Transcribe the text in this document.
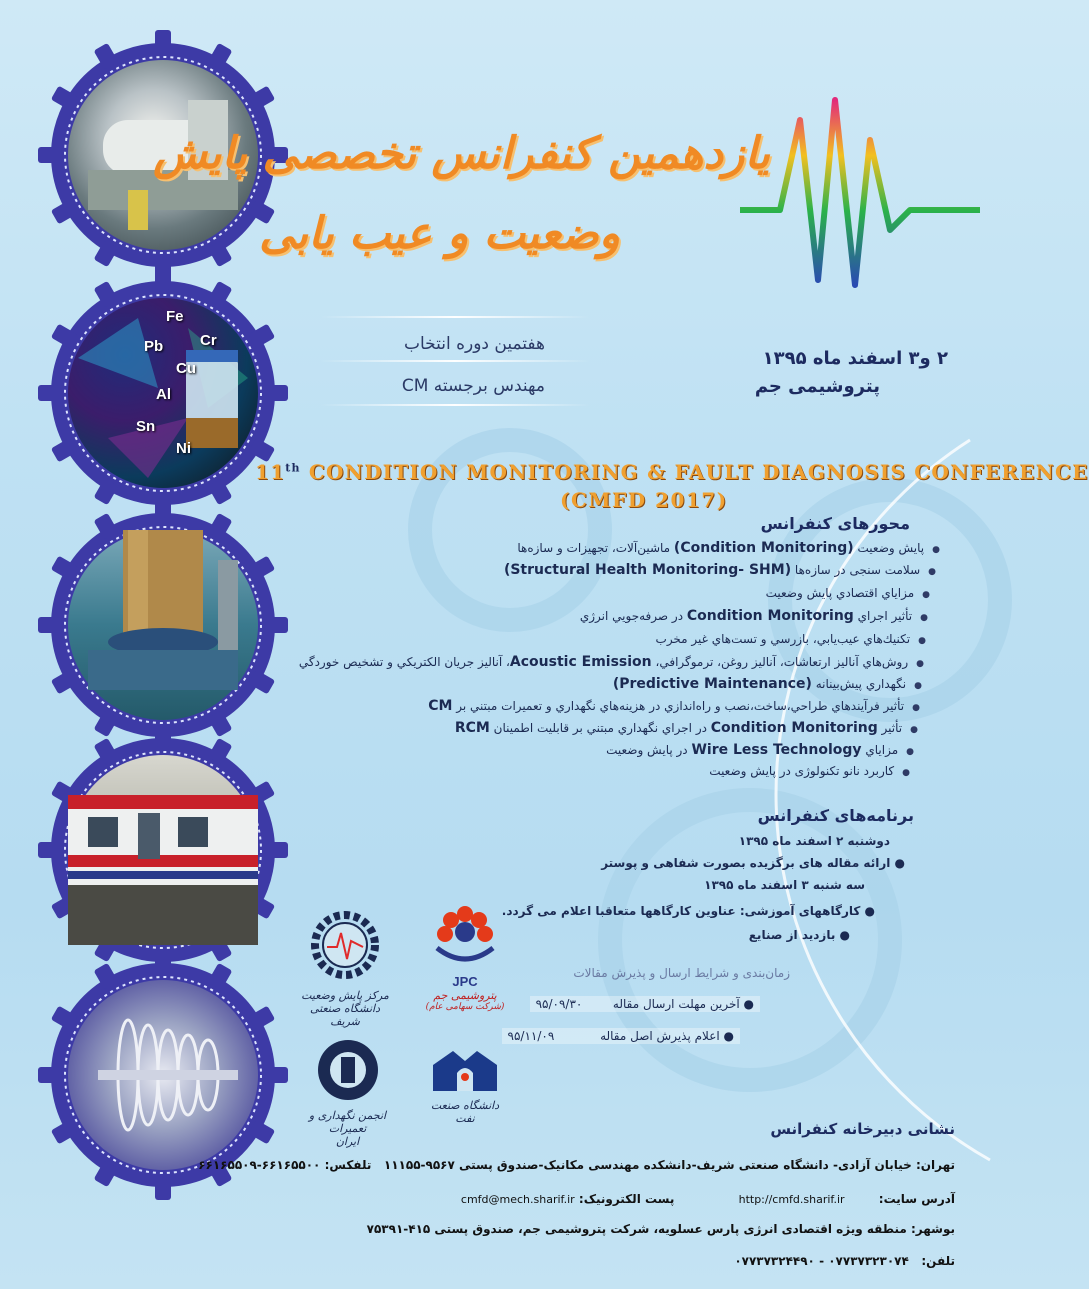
Fe
Cr
Pb
Cu
Al
Sn
Ni
یازدهمین کنفرانس تخصصی پایش
وضعیت و عیب یابی
هفتمین دوره انتخاب
مهندس برجسته CM
۲ و۳ اسفند ماه ۱۳۹۵
پتروشیمی جم
11th CONDITION MONITORING & FAULT DIAGNOSIS CONFERENCE
(CMFD 2017)
محورهای کنفرانس
● پایش وضعیت (Condition Monitoring) ماشین‌آلات، تجهیزات و سازه‌ها
● سلامت سنجی در سازه‌ها (Structural Health Monitoring- SHM)
● مزاياي اقتصادي پايش وضعيت
● تأثير اجراي Condition Monitoring در صرفه‌جويي انرژي
● تكنيك‌هاي عيب‌يابي، بازرسي و تست‌هاي غير مخرب
● روش‌هاي آناليز ارتعاشات، آناليز روغن، ترموگرافي، Acoustic Emission، آناليز جريان الكتريكي و تشخيص خوردگي
● نگهداري پيش‌بينانه (Predictive Maintenance)
● تأثير فرآيندهاي طراحي،ساخت،نصب و راه‌اندازي در هزينه‌هاي نگهداري و تعميرات مبتني بر CM
● تأثير Condition Monitoring در اجراي نگهداري مبتني بر قابليت اطمينان RCM
● مزاياي Wire Less Technology در پايش وضعيت
● کاربرد نانو تکنولوژی در پایش وضعیت
برنامه‌های کنفرانس
دوشنبه ۲ اسفند ماه ۱۳۹۵
● ارائه مقاله های برگزیده بصورت شفاهی و پوستر
سه شنبه ۳ اسفند ماه ۱۳۹۵
● کارگاههای آموزشی: عناوین کارگاهها متعاقبا اعلام می گردد.
● بازدید از صنایع
زمان‌بندی و شرایط ارسال و پذیرش مقالات
● آخرین مهلت ارسال مقاله        ۹۵/۰۹/۳۰
● اعلام پذیرش اصل مقاله            ۹۵/۱۱/۰۹
مرکز پایش وضعیت
دانشگاه صنعتی شریف
JPC
پتروشیمی جم
(شرکت سهامی عام)
انجمن نگهداری و تعمیرات
ایران
دانشگاه صنعت نفت
نشانی دبیرخانه کنفرانس
تهران: خیابان آزادی- دانشگاه صنعتی شریف-دانشکده مهندسی مکانیک-صندوق پستی ۹۵۶۷-۱۱۱۵۵   تلفکس: ۶۶۱۶۵۵۰۰-۶۶۱۶۵۵۰۹
آدرس سایت: http://cmfd.sharif.ir پست الکترونیک: cmfd@mech.sharif.ir
بوشهر: منطقه ویژه اقتصادی انرژی پارس عسلویه، شرکت پتروشیمی جم، صندوق پستی ۴۱۵-۷۵۳۹۱
تلفن:   ۰۷۷۳۷۳۲۳۰۷۴ - ۰۷۷۳۷۳۲۴۴۹۰
